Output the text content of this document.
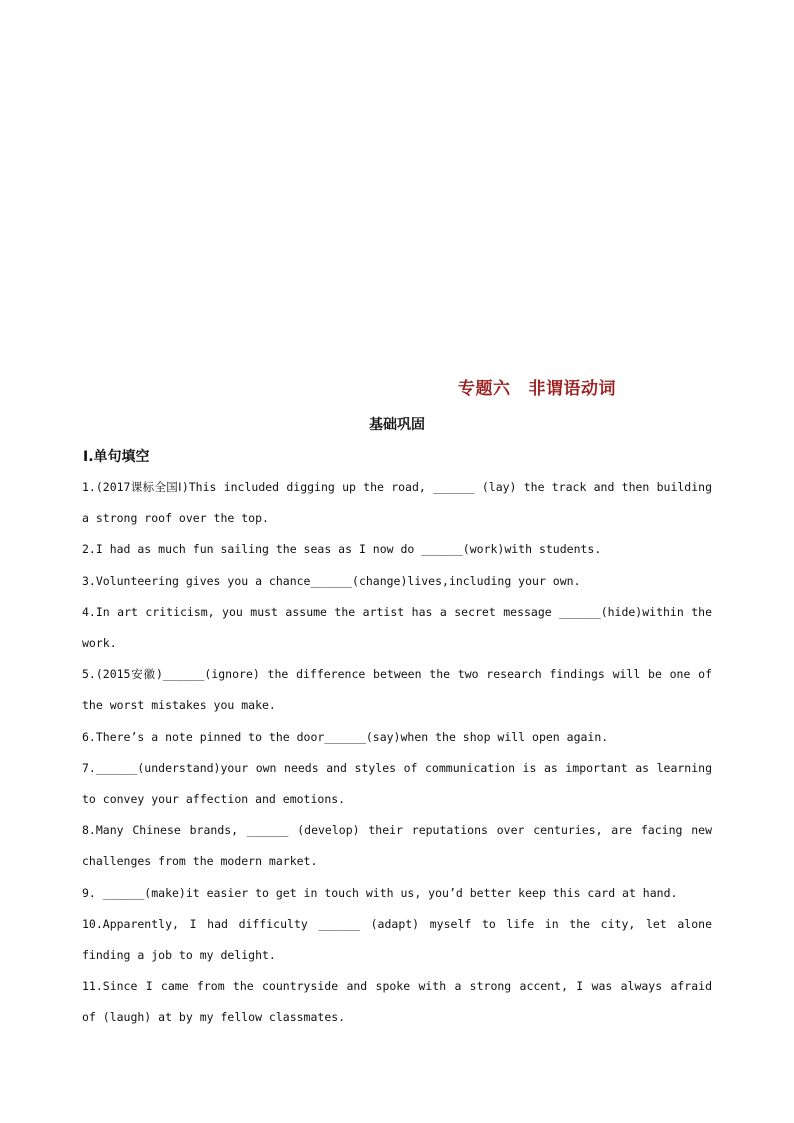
专题六 非谓语动词
基础巩固
Ⅰ.单句填空
1.(2017课标全国Ⅰ)This included digging up the road, ______ (lay) the track and then building a strong roof over the top.
2.I had as much fun sailing the seas as I now do ______(work)with students.
3.Volunteering gives you a chance______(change)lives,including your own.
4.In art criticism, you must assume the artist has a secret message ______(hide)within the work.
5.(2015安徽)______(ignore) the difference between the two research findings will be one of the worst mistakes you make.
6.There’s a note pinned to the door______(say)when the shop will open again.
7.______(understand)your own needs and styles of communication is as important as learning to convey your affection and emotions.
8.Many Chinese brands, ______ (develop) their reputations over centuries, are facing new challenges from the modern market.
9. ______(make)it easier to get in touch with us, you’d better keep this card at hand.
10.Apparently, I had difficulty ______ (adapt) myself to life in the city, let alone finding a job to my delight.
11.Since I came from the countryside and spoke with a strong accent, I was always afraid of (laugh) at by my fellow classmates.
